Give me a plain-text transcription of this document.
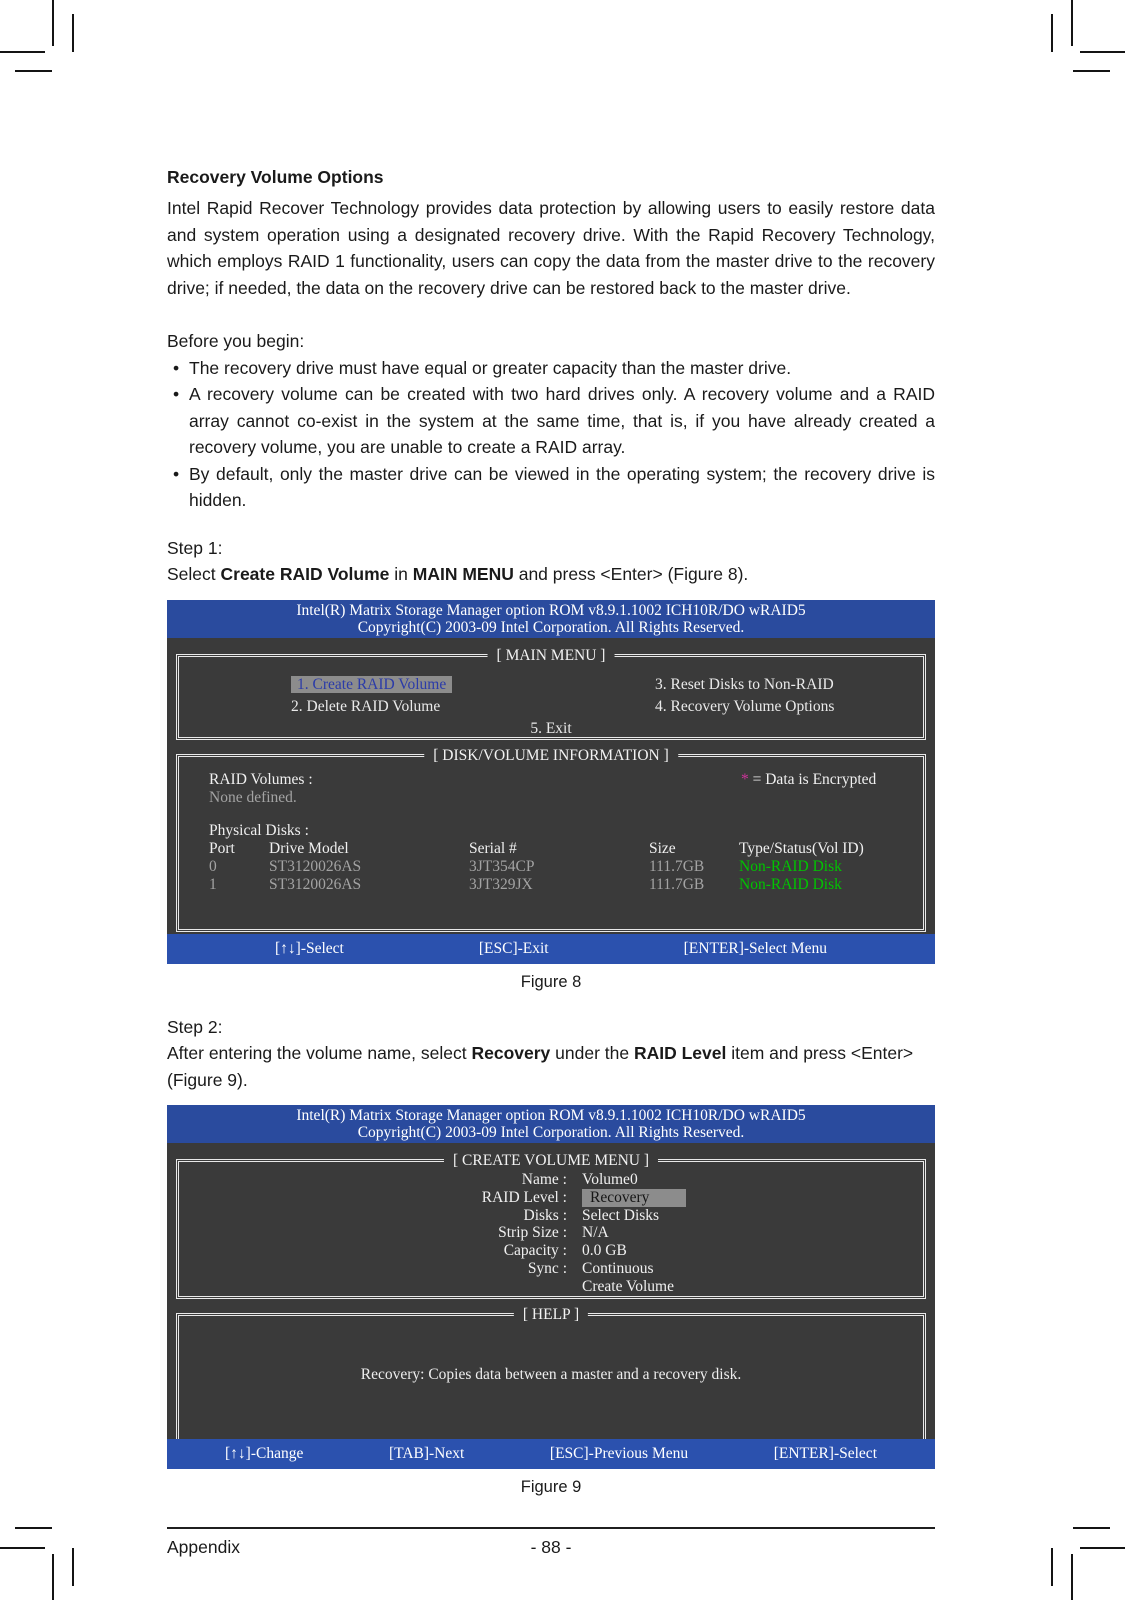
Recovery Volume Options
Intel Rapid Recover Technology provides data protection by allowing users to easily restore data and system operation using a designated recovery drive. With the Rapid Recovery Technology, which employs RAID 1 functionality, users can copy the data from the master drive to the recovery drive; if needed, the data on the recovery drive can be restored back to the master drive.
Before you begin:
• The recovery drive must have equal or greater capacity than the master drive.
• A recovery volume can be created with two hard drives only. A recovery volume and a RAID array cannot co-exist in the system at the same time, that is, if you have already created a recovery volume, you are unable to create a RAID array.
• By default, only the master drive can be viewed in the operating system; the recovery drive is hidden.
Step 1:
Select Create RAID Volume in MAIN MENU and press <Enter> (Figure 8).
Intel(R) Matrix Storage Manager option ROM v8.9.1.1002 ICH10R/DO wRAID5
Copyright(C) 2003-09 Intel Corporation. All Rights Reserved.
[ MAIN MENU ]
1. Create RAID Volume	3. Reset Disks to Non-RAID
2. Delete RAID Volume	4. Recovery Volume Options
5. Exit
[ DISK/VOLUME INFORMATION ]
RAID Volumes :	* = Data is Encrypted
None defined.
Physical Disks :
Port	Drive Model	Serial #	Size	Type/Status(Vol ID)
0	ST3120026AS	3JT354CP	111.7GB	Non-RAID Disk
1	ST3120026AS	3JT329JX	111.7GB	Non-RAID Disk
[↑↓]-Select	[ESC]-Exit	[ENTER]-Select Menu
Figure 8
Step 2:
After entering the volume name, select Recovery under the RAID Level item and press <Enter> (Figure 9).
Intel(R) Matrix Storage Manager option ROM v8.9.1.1002 ICH10R/DO wRAID5
Copyright(C) 2003-09 Intel Corporation. All Rights Reserved.
[ CREATE VOLUME MENU ]
Name : Volume0
RAID Level :	Recovery
Disks : Select Disks
Strip Size : N/A
Capacity : 0.0 GB
Sync : Continuous
Create Volume
[ HELP ]
Recovery: Copies data between a master and a recovery disk.
[↑↓]-Change	[TAB]-Next	[ESC]-Previous Menu	[ENTER]-Select
Figure 9
Appendix	- 88 -
